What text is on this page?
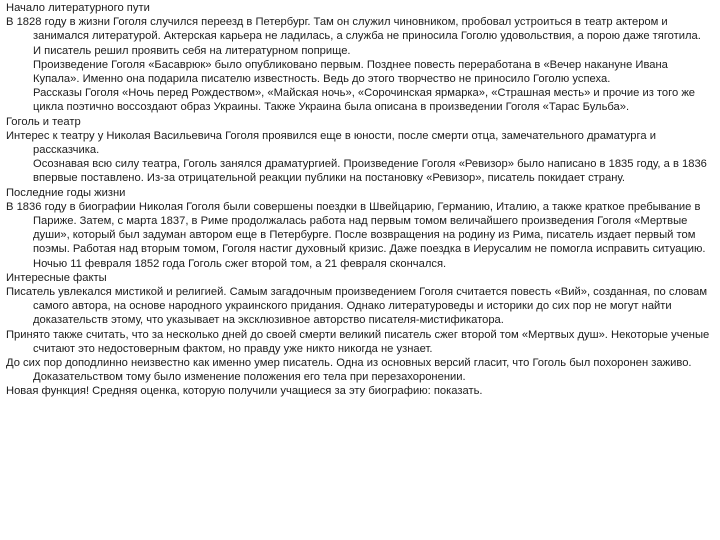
Начало литературного пути

В 1828 году в жизни Гоголя случился переезд в Петербург. Там он служил чиновником, пробовал устроиться в театр актером и занимался литературой. Актерская карьера не ладилась, а служба не приносила Гоголю удовольствия, а порою даже тяготила. И писатель решил проявить себя на литературном поприще.

Произведение Гоголя «Басаврюк» было опубликовано первым. Позднее повесть переработана в «Вечер накануне Ивана Купала». Именно она подарила писателю известность. Ведь до этого творчество не приносило Гоголю успеха.

Рассказы Гоголя «Ночь перед Рождеством», «Майская ночь», «Сорочинская ярмарка», «Страшная месть» и прочие из того же цикла поэтично воссоздают образ Украины. Также Украина была описана в произведении Гоголя «Тарас Бульба».

Гоголь и театр

Интерес к театру у Николая Васильевича Гоголя проявился еще в юности, после смерти отца, замечательного драматурга и рассказчика.

Осознавая всю силу театра, Гоголь занялся драматургией. Произведение Гоголя «Ревизор» было написано в 1835 году, а в 1836 впервые поставлено. Из-за отрицательной реакции публики на постановку «Ревизор», писатель покидает страну.

Последние годы жизни

В 1836 году в биографии Николая Гоголя были совершены поездки в Швейцарию, Германию, Италию, а также краткое пребывание в Париже. Затем, с марта 1837, в Риме продолжалась работа над первым томом величайшего произведения Гоголя «Мертвые души», который был задуман автором еще в Петербурге. После возвращения на родину из Рима, писатель издает первый том поэмы. Работая над вторым томом, Гоголя настиг духовный кризис. Даже поездка в Иерусалим не помогла исправить ситуацию. Ночью 11 февраля 1852 года Гоголь сжег второй том, а 21 февраля скончался.

Интересные факты

Писатель увлекался мистикой и религией. Самым загадочным произведением Гоголя считается повесть «Вий», созданная, по словам самого автора, на основе народного украинского придания. Однако литературоведы и историки до сих пор не могут найти доказательств этому, что указывает на эксклюзивное авторство писателя-мистификатора.

Принято также считать, что за несколько дней до своей смерти великий писатель сжег второй том «Мертвых душ». Некоторые ученые считают это недостоверным фактом, но правду уже никто никогда не узнает.

До сих пор доподлинно неизвестно как именно умер писатель. Одна из основных версий гласит, что Гоголь был похоронен заживо. Доказательством тому было изменение положения его тела при перезахоронении.

Новая функция! Средняя оценка, которую получили учащиеся за эту биографию: показать.
